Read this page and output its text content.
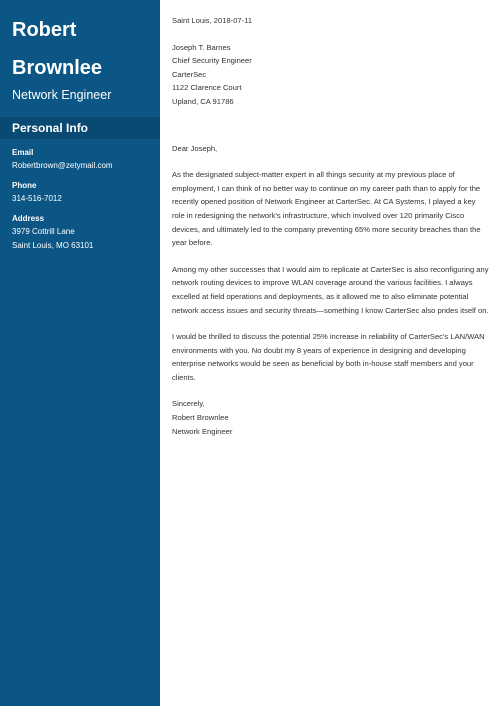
Robert
Brownlee
Network Engineer
Personal Info
Email
Robertbrown@zetymail.com
Phone
314-516-7012
Address
3979 Cottrill Lane
Saint Louis, MO 63101
Saint Louis, 2018-07-11
Joseph T. Barnes
Chief Security Engineer
CarterSec
1122 Clarence Court
Upland, CA 91786
Dear Joseph,

As the designated subject-matter expert in all things security at my previous place of employment, I can think of no better way to continue on my career path than to apply for the recently opened position of Network Engineer at CarterSec. At CA Systems, I played a key role in redesigning the network's infrastructure, which involved over 120 primarily Cisco devices, and ultimately led to the company preventing 65% more security breaches than the year before.

Among my other successes that I would aim to replicate at CarterSec is also reconfiguring any network routing devices to improve WLAN coverage around the various facilities. I always excelled at field operations and deployments, as it allowed me to also eliminate potential network access issues and security threats—something I know CarterSec also prides itself on.

I would be thrilled to discuss the potential 25% increase in reliability of CarterSec's LAN/WAN environments with you. No doubt my 8 years of experience in designing and developing enterprise networks would be seen as beneficial by both in-house staff members and your clients.

Sincerely,
Robert Brownlee
Network Engineer
